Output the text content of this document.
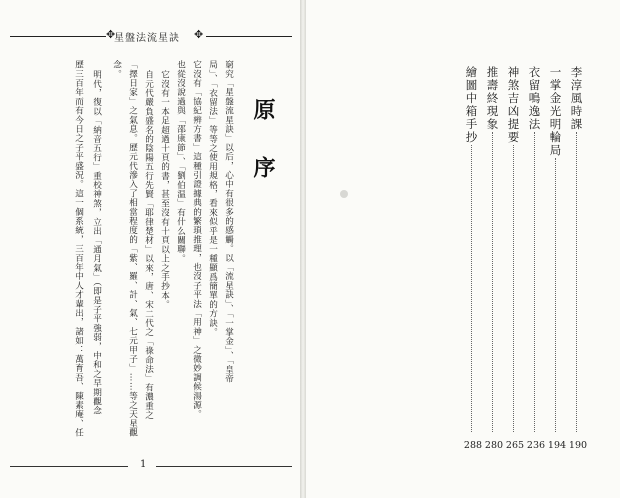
✥
星盤法流星訣 ✥
原序
窮究「星盤流星訣」以后，心中有很多的感觸。以「流星訣」、「一掌金」、「皇帝
局」、「衣留法」等等之使用規格，看來似乎是一種顯爲簡單的方訣。
它沒有「協紀辨方書」這種引證據典的繁瑣推理，也沒子平法「用神」之微妙調候湯源。
也從沒說過與「邵康節」、「劉伯温」有什么關聯。
它沒有一本足超過十頁的書，甚至沒有十頁以上之手抄本。
自元代嚴負盛名的陰陽五行先賢「耶律楚材」以來，唐、宋二代之「祿命法」有濃重之
「擇日家」之氣息。歷元代滲入了相當程度的「紫、羅、計、氣、七元甲子」……等之天星觀
念。
明代，復以「納音五行」重校神煞，立出「通月氣」（即是子平強弱，中和之早期觀念
歷三百年而有今日之子平盛況。這一個系統，三百年中人才輩出，諸如：萬育吾、陳素庵、任
1
李淳風時課
190
一掌金光明輪局
194
衣留鳴逸法
236
神煞吉凶提要
265
推壽終現象
280
繪圖中箱手抄
288
